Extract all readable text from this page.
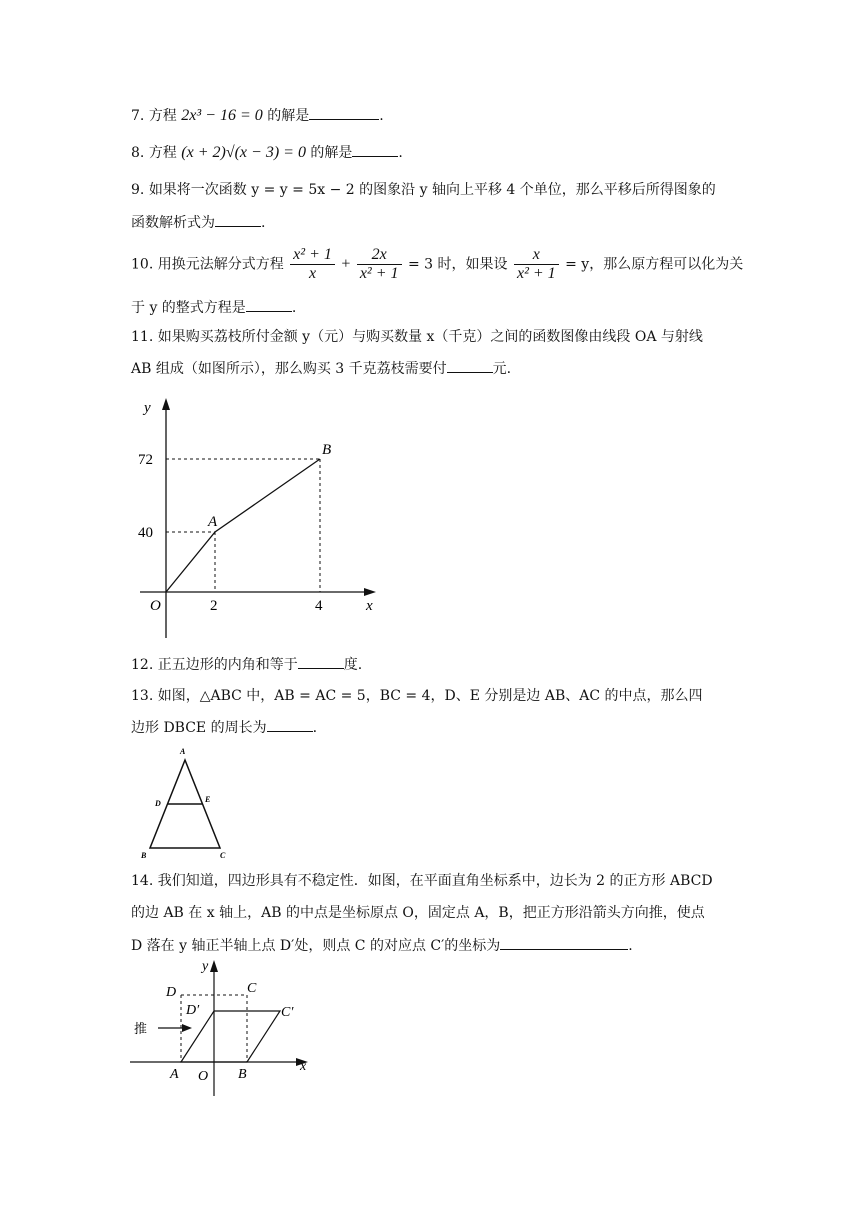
7. 方程 2x³ − 16 = 0 的解是	.
8. 方程 (x + 2)√(x − 3) = 0 的解是	.
9. 如果将一次函数 y = y = 5x − 2 的图象沿 y 轴向上平移 4 个单位，那么平移后所得图象的
函数解析式为	.
10. 用换元法解分式方程 $\frac{\text{x² + 1}}{x} + \frac{2x}{\text{x² + 1}} = 3$ 时，如果设 $\frac{x}{\text{x² + 1}} = y$，那么原方程可以化为关
于 y 的整式方程是	.
11. 如果购买荔枝所付金额 y（元）与购买数量 x（千克）之间的函数图像由线段 OA 与射线
AB 组成（如图所示），那么购买 3 千克荔枝需要付	元.
y
x
O
72
40
2	4
A
B
12. 正五边形的内角和等于	度.
13. 如图，△ABC 中，AB = AC = 5，BC = 4，D、E 分别是边 AB、AC 的中点，那么四
边形 DBCE 的周长为	.
A
B	C
D	E
14. 我们知道，四边形具有不稳定性．如图，在平面直角坐标系中，边长为 2 的正方形 ABCD
的边 AB 在 x 轴上，AB 的中点是坐标原点 O，固定点 A，B，把正方形沿箭头方向推，使点
D 落在 y 轴正半轴上点 D′处，则点 C 的对应点 C′的坐标为	.
y
x
O
A	B
C
D
D′	C′
推
